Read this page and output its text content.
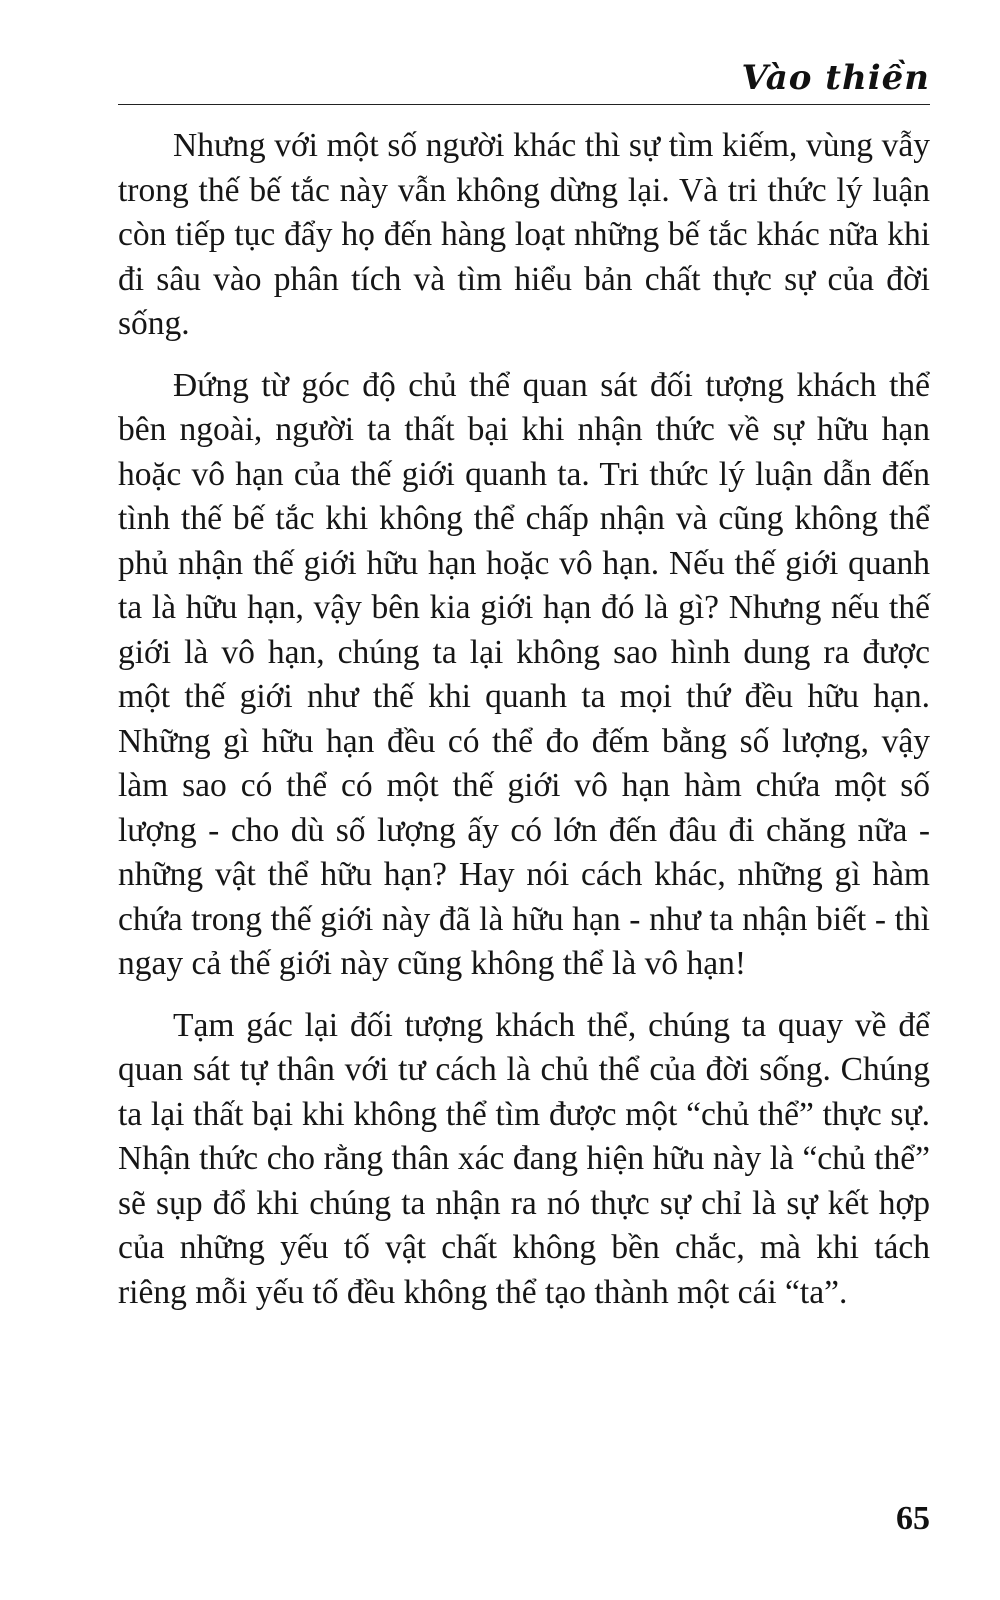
Vào thiền

Nhưng với một số người khác thì sự tìm kiếm, vùng vẫy trong thế bế tắc này vẫn không dừng lại. Và tri thức lý luận còn tiếp tục đẩy họ đến hàng loạt những bế tắc khác nữa khi đi sâu vào phân tích và tìm hiểu bản chất thực sự của đời sống.

Đứng từ góc độ chủ thể quan sát đối tượng khách thể bên ngoài, người ta thất bại khi nhận thức về sự hữu hạn hoặc vô hạn của thế giới quanh ta. Tri thức lý luận dẫn đến tình thế bế tắc khi không thể chấp nhận và cũng không thể phủ nhận thế giới hữu hạn hoặc vô hạn. Nếu thế giới quanh ta là hữu hạn, vậy bên kia giới hạn đó là gì? Nhưng nếu thế giới là vô hạn, chúng ta lại không sao hình dung ra được một thế giới như thế khi quanh ta mọi thứ đều hữu hạn. Những gì hữu hạn đều có thể đo đếm bằng số lượng, vậy làm sao có thể có một thế giới vô hạn hàm chứa một số lượng - cho dù số lượng ấy có lớn đến đâu đi chăng nữa - những vật thể hữu hạn? Hay nói cách khác, những gì hàm chứa trong thế giới này đã là hữu hạn - như ta nhận biết - thì ngay cả thế giới này cũng không thể là vô hạn!

Tạm gác lại đối tượng khách thể, chúng ta quay về để quan sát tự thân với tư cách là chủ thể của đời sống. Chúng ta lại thất bại khi không thể tìm được một “chủ thể” thực sự. Nhận thức cho rằng thân xác đang hiện hữu này là “chủ thể” sẽ sụp đổ khi chúng ta nhận ra nó thực sự chỉ là sự kết hợp của những yếu tố vật chất không bền chắc, mà khi tách riêng mỗi yếu tố đều không thể tạo thành một cái “ta”.

65
